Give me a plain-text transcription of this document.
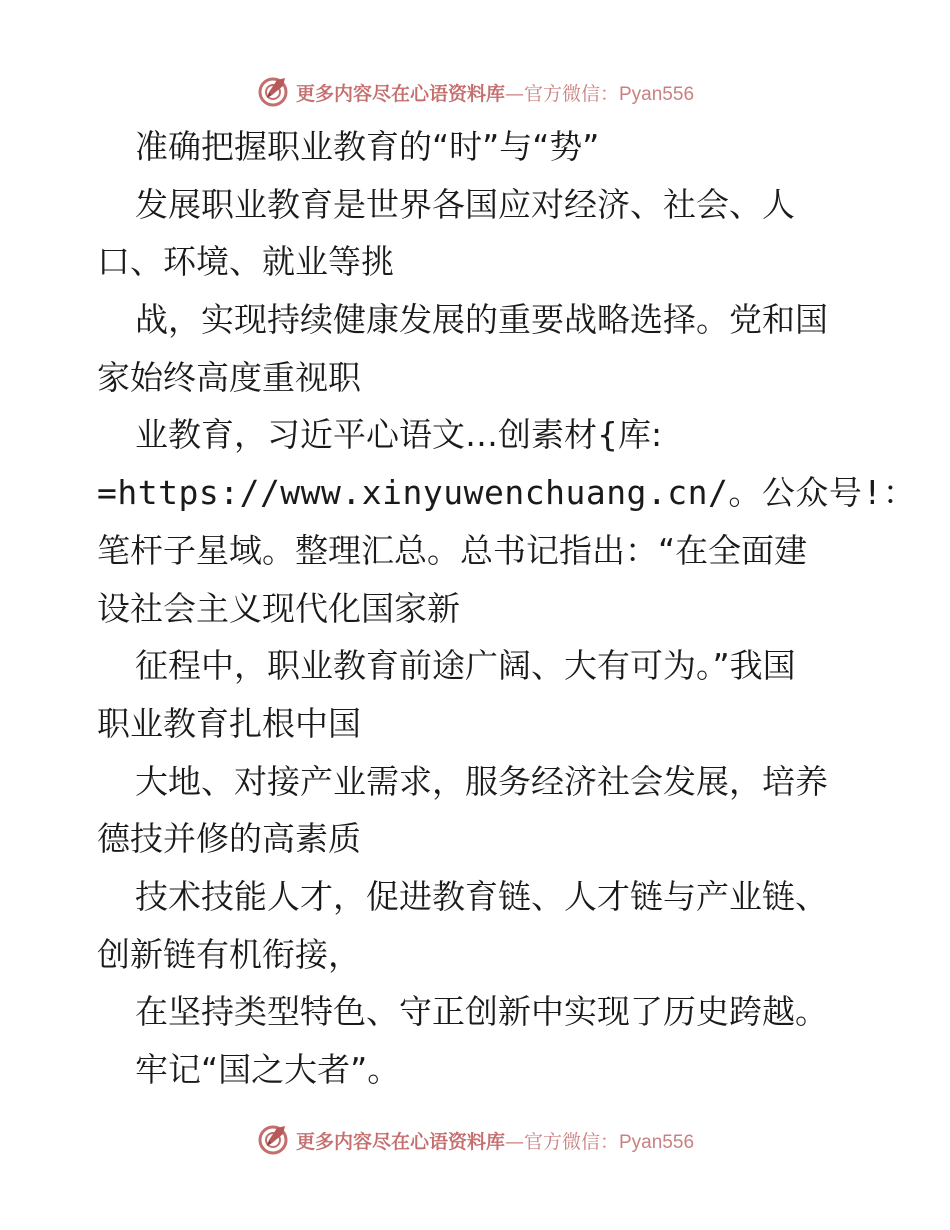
更多内容尽在心语资料库—官方微信：Pyan556
准确把握职业教育的“时”与“势”
发展职业教育是世界各国应对经济、社会、人
口、环境、就业等挑
战，实现持续健康发展的重要战略选择。党和国
家始终高度重视职
业教育，习近平心语文…创素材{库:
=https://www.xinyuwenchuang.cn/。公众号!：
笔杆子星域。整理汇总。总书记指出：“在全面建
设社会主义现代化国家新
征程中，职业教育前途广阔、大有可为。”我国
职业教育扎根中国
大地、对接产业需求，服务经济社会发展，培养
德技并修的高素质
技术技能人才，促进教育链、人才链与产业链、
创新链有机衔接，
在坚持类型特色、守正创新中实现了历史跨越。
牢记“国之大者”。
更多内容尽在心语资料库—官方微信：Pyan556
